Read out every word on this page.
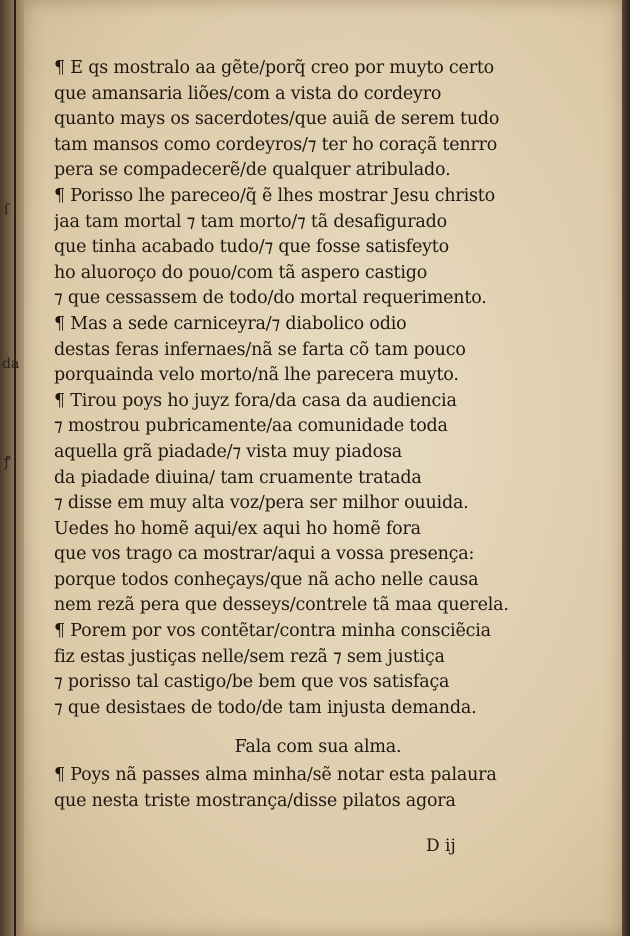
¶ E qs mostralo aa gẽte/porq̃ creo por muyto certo
que amansaria liões/com a vista do cordeyro
quanto mays os sacerdotes/que auiã de serem tudo
tam mansos como cordeyros/⁊ ter ho coraçã tenrro
pera se compadecerẽ/de qualquer atribulado.
¶ Porisso lhe pareceo/q̃ ẽ lhes mostrar Jesu christo
jaa tam mortal ⁊ tam morto/⁊ tã desafigurado
que tinha acabado tudo/⁊ que fosse satisfeyto
ho aluoroço do pouo/com tã aspero castigo
⁊ que cessassem de todo/do mortal requerimento.
¶ Mas a sede carniceyra/⁊ diabolico odio
destas feras infernaes/nã se farta cõ tam pouco
porquainda velo morto/nã lhe parecera muyto.
¶ Tirou poys ho juyz fora/da casa da audiencia
⁊ mostrou pubricamente/aa comunidade toda
aquella grã piadade/⁊ vista muy piadosa
da piadade diuina/ tam cruamente tratada
⁊ disse em muy alta voz/pera ser milhor ouuida.
Uedes ho homẽ aqui/ex aqui ho homẽ fora
que vos trago ca mostrar/aqui a vossa presença:
porque todos conheçays/que nã acho nelle causa
nem rezã pera que desseys/contrele tã maa querela.
¶ Porem por vos contẽtar/contra minha consciẽcia
fiz estas justiças nelle/sem rezã ⁊ sem justiça
⁊ porisso tal castigo/be bem que vos satisfaça
⁊ que desistaes de todo/de tam injusta demanda.
Fala com sua alma.
¶ Poys nã passes alma minha/sẽ notar esta palaura
que nesta triste mostrança/disse pilatos agora
D ij
da
ꝭ
ſ
